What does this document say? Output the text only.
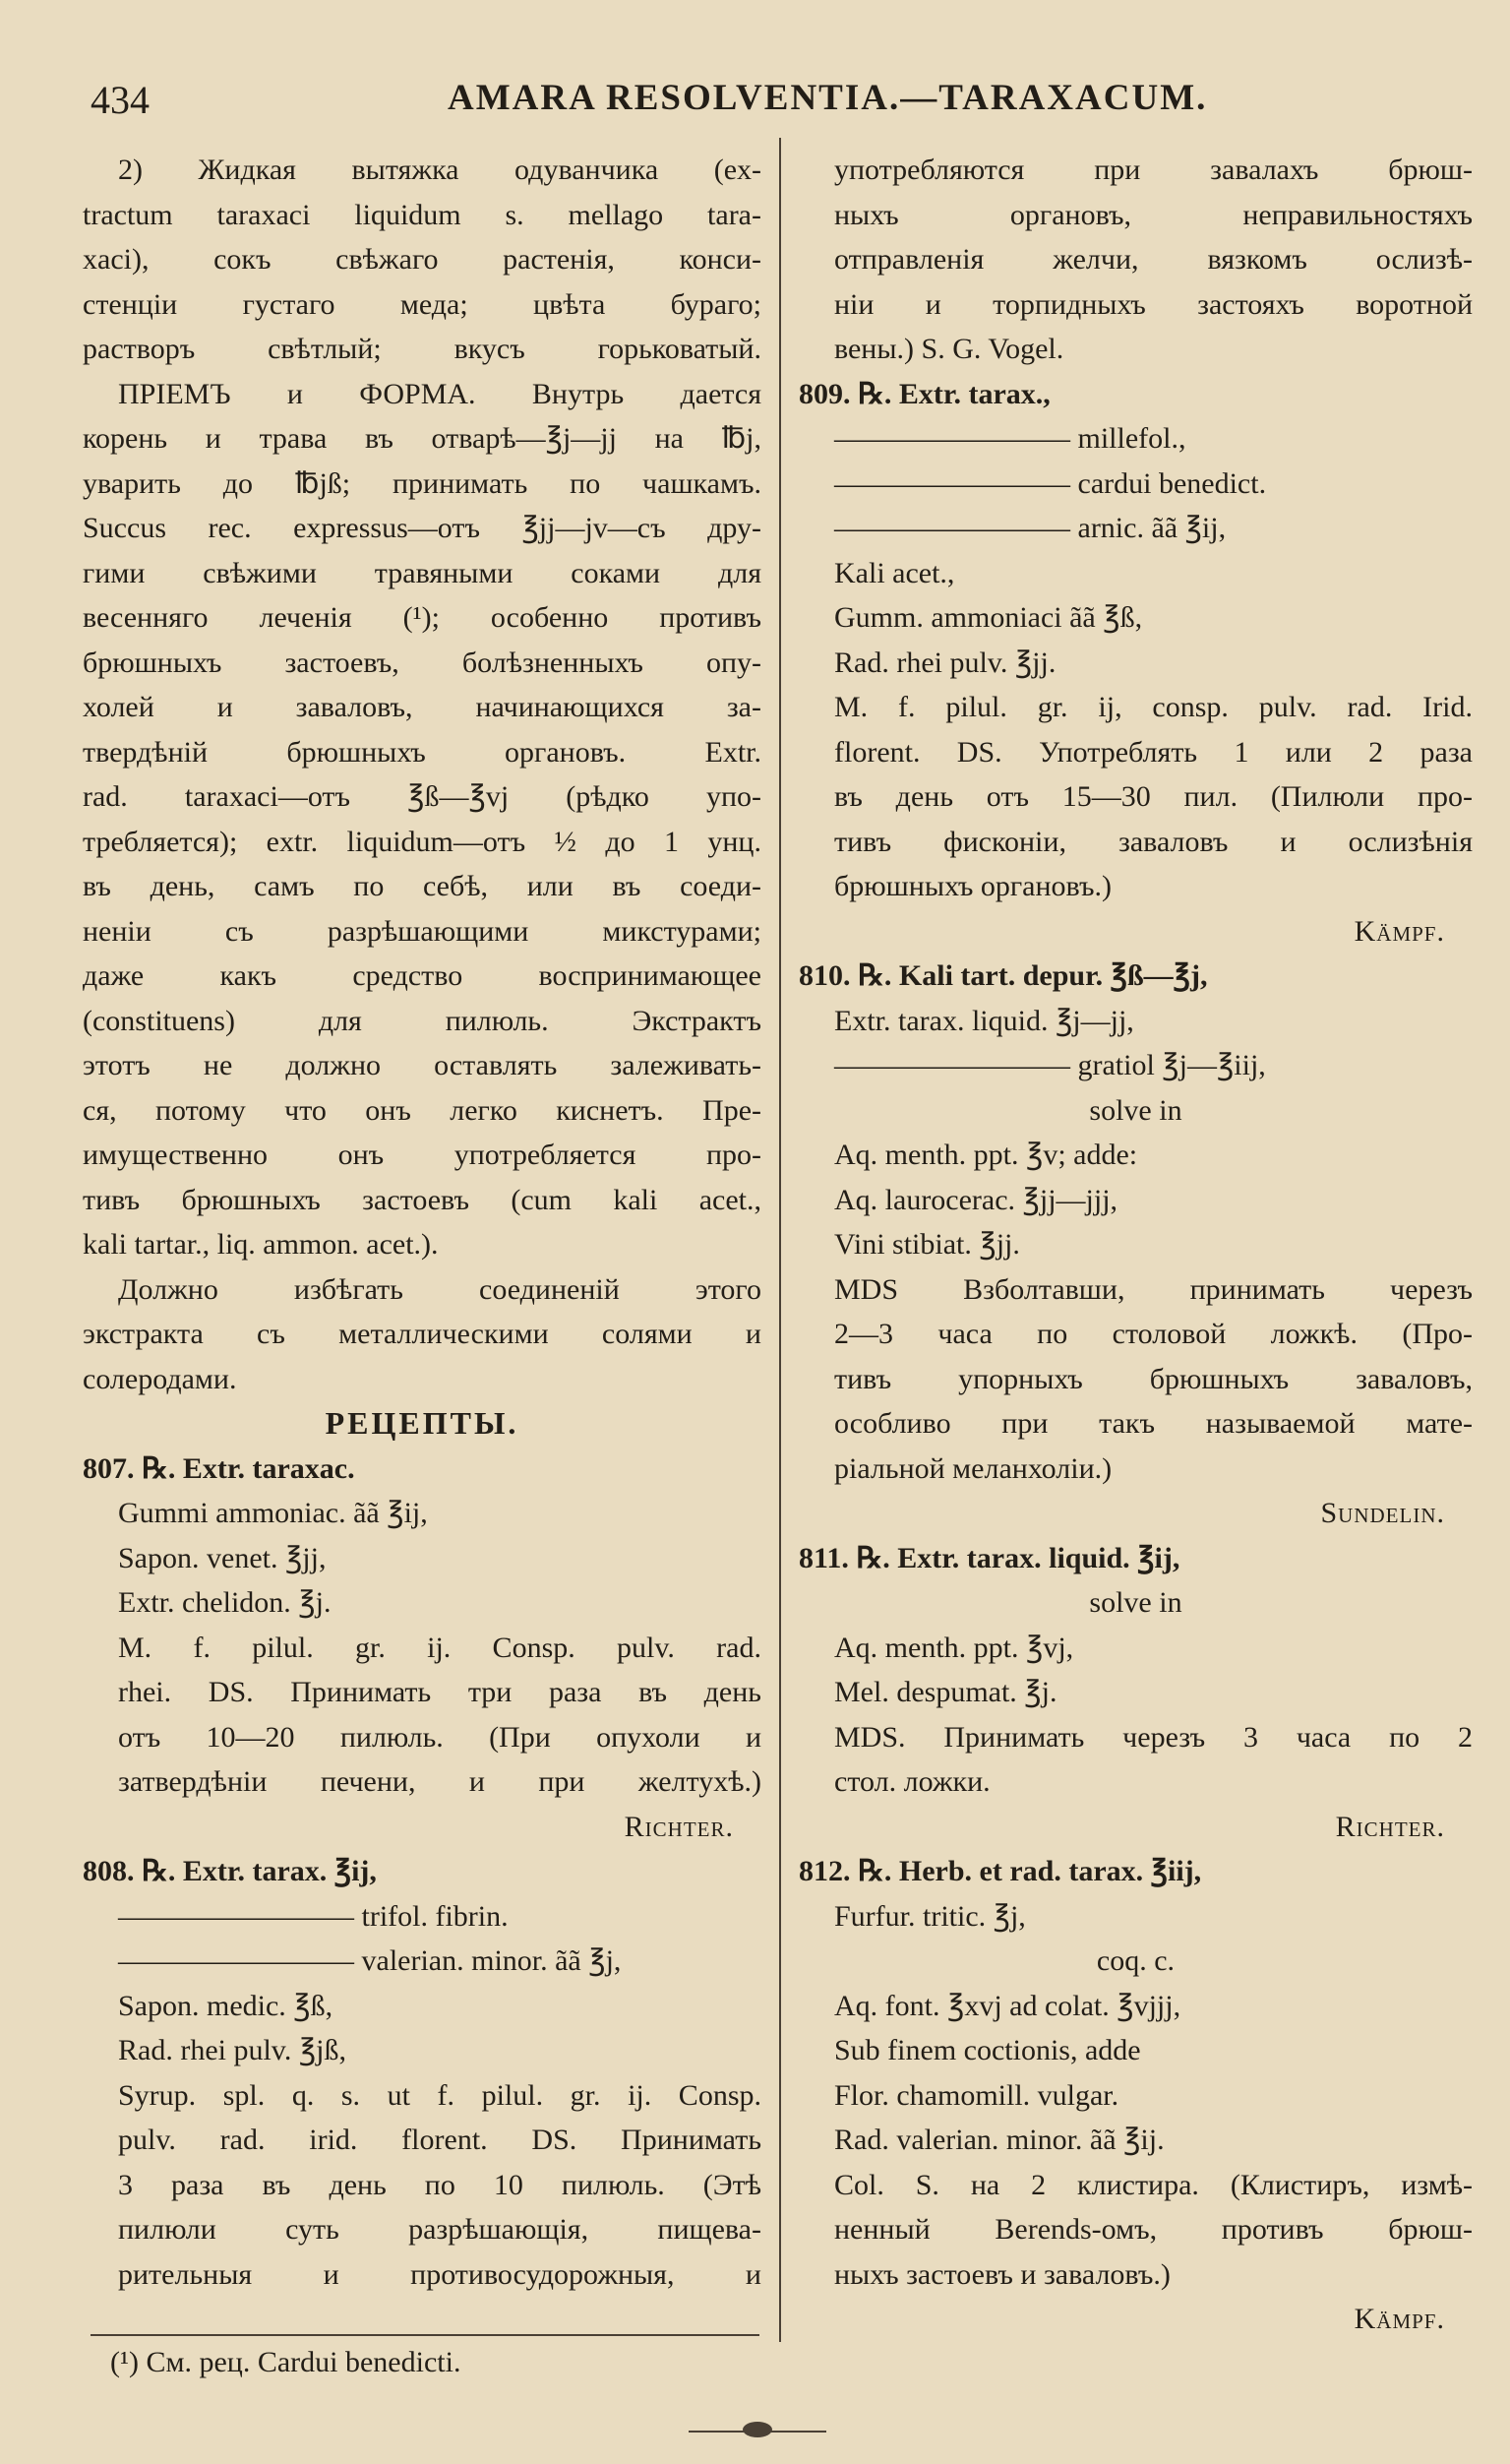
434	AMARA RESOLVENTIA.—TARAXACUM.
2) Жидкая вытяжка одуванчика (ex-
tractum taraxaci liquidum s. mellago tara-
xaci), сокъ свѣжаго растенія, конси-
стенціи густаго меда; цвѣта бураго;
растворъ свѣтлый; вкусъ горьковатый.
ПРІЕМЪ и ФОРМА. Внутрь дается
корень и трава въ отварѣ—℥j—jj на ℔j,
уварить до ℔jß; принимать по чашкамъ.
Succus rec. expressus—отъ ℥jj—jv—съ дру-
гими свѣжими травяными соками для
весенняго леченія (¹); особенно противъ
брюшныхъ застоевъ, болѣзненныхъ опу-
холей и заваловъ, начинающихся за-
твердѣній брюшныхъ органовъ. Extr.
rad. taraxaci—отъ ℥ß—℥vj (рѣдко упо-
требляется); extr. liquidum—отъ ½ до 1 унц.
въ день, самъ по себѣ, или въ соеди-
неніи съ разрѣшающими микстурами;
даже какъ средство воспринимающее
(constituens) для пилюль. Экстрактъ
этотъ не должно оставлять залеживать-
ся, потому что онъ легко киснетъ. Пре-
имущественно онъ употребляется про-
тивъ брюшныхъ застоевъ (cum kali acet.,
kali tartar., liq. ammon. acet.).
Должно избѣгать соединеній этого
экстракта съ металлическими солями и
солеродами.
РЕЦЕПТЫ.
807. ℞. Extr. taraxac.
Gummi ammoniac. ãã ℥ij,
Sapon. venet. ℥jj,
Extr. chelidon. ℥j.
M. f. pilul. gr. ij. Consp. pulv. rad.
rhei. DS. Принимать три раза въ день
отъ 10—20 пилюль. (При опухоли и
затвердѣніи печени, и при желтухѣ.)
Richter.
808. ℞. Extr. tarax. ℥ij,
———————— trifol. fibrin.
———————— valerian. minor. ãã ℥j,
Sapon. medic. ℥ß,
Rad. rhei pulv. ℥jß,
Syrup. spl. q. s. ut f. pilul. gr. ij. Consp.
pulv. rad. irid. florent. DS. Принимать
3 раза въ день по 10 пилюль. (Этѣ
пилюли суть разрѣшающія, пищева-
рительныя и противосудорожныя, и
употребляются при завалахъ брюш-
ныхъ органовъ, неправильностяхъ
отправленія желчи, вязкомъ ослизѣ-
ніи и торпидныхъ застояхъ воротной
вены.) S. G. Vogel.
809. ℞. Extr. tarax.,
———————— millefol.,
———————— cardui benedict.
———————— arnic. ãã ℥ij,
Kali acet.,
Gumm. ammoniaci ãã ℥ß,
Rad. rhei pulv. ℥jj.
M. f. pilul. gr. ij, consp. pulv. rad. Irid.
florent. DS. Употреблять 1 или 2 раза
въ день отъ 15—30 пил. (Пилюли про-
тивъ фисконіи, заваловъ и ослизѣнія
брюшныхъ органовъ.)
Kämpf.
810. ℞. Kali tart. depur. ℥ß—℥j,
Extr. tarax. liquid. ℥j—jj,
———————— gratiol ℥j—℥iij,
solve in
Aq. menth. ppt. ℥v; adde:
Aq. laurocerас. ℥jj—jjj,
Vini stibiat. ℥jj.
MDS Взболтавши, принимать черезъ
2—3 часа по столовой ложкѣ. (Про-
тивъ упорныхъ брюшныхъ заваловъ,
особливо при такъ называемой мате-
ріальной меланхоліи.)
Sundelin.
811. ℞. Extr. tarax. liquid. ℥ij,
solve in
Aq. menth. ppt. ℥vj,
Mel. despumat. ℥j.
MDS. Принимать черезъ 3 часа по 2
стол. ложки.
Richter.
812. ℞. Herb. et rad. tarax. ℥iij,
Furfur. tritic. ℥j,
coq. c.
Aq. font. ℥xvj ad colat. ℥vjjj,
Sub finem coctionis, adde
Flor. chamomill. vulgar.
Rad. valerian. minor. ãã ℥ij.
Col. S. на 2 клистира. (Клистиръ, измѣ-
ненный Berends-омъ, противъ брюш-
ныхъ застоевъ и заваловъ.)
Kämpf.
(¹) См. рец. Cardui benedicti.
